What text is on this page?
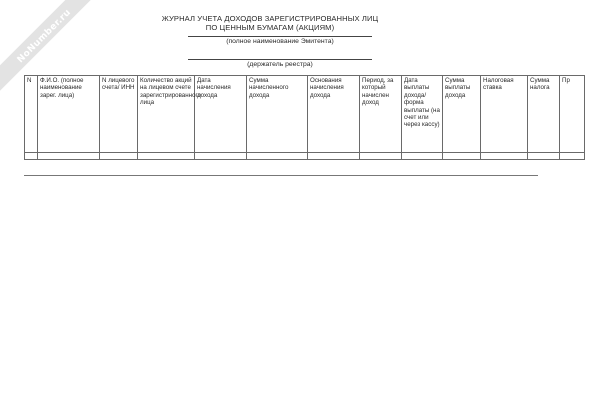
NoNumber.ru	ЖУРНАЛ УЧЕТА ДОХОДОВ ЗАРЕГИСТРИРОВАННЫХ ЛИЦ
ПО ЦЕННЫМ БУМАГАМ (АКЦИЯМ)
(полное наименование Эмитента)
(держатель реестра)
N	Ф.И.О. (полное наименование зарег. лица)	N лицевого счета/ ИНН	Количество акций на лицевом счете зарегистрированного лица	Дата начисления дохода	Сумма начисленного дохода	Основания начисления дохода	Период, за который начислен доход	Дата выплаты дохода/ форма выплаты (на счет или через кассу)	Сумма выплаты дохода	Налоговая ставка	Сумма налога	Пр
